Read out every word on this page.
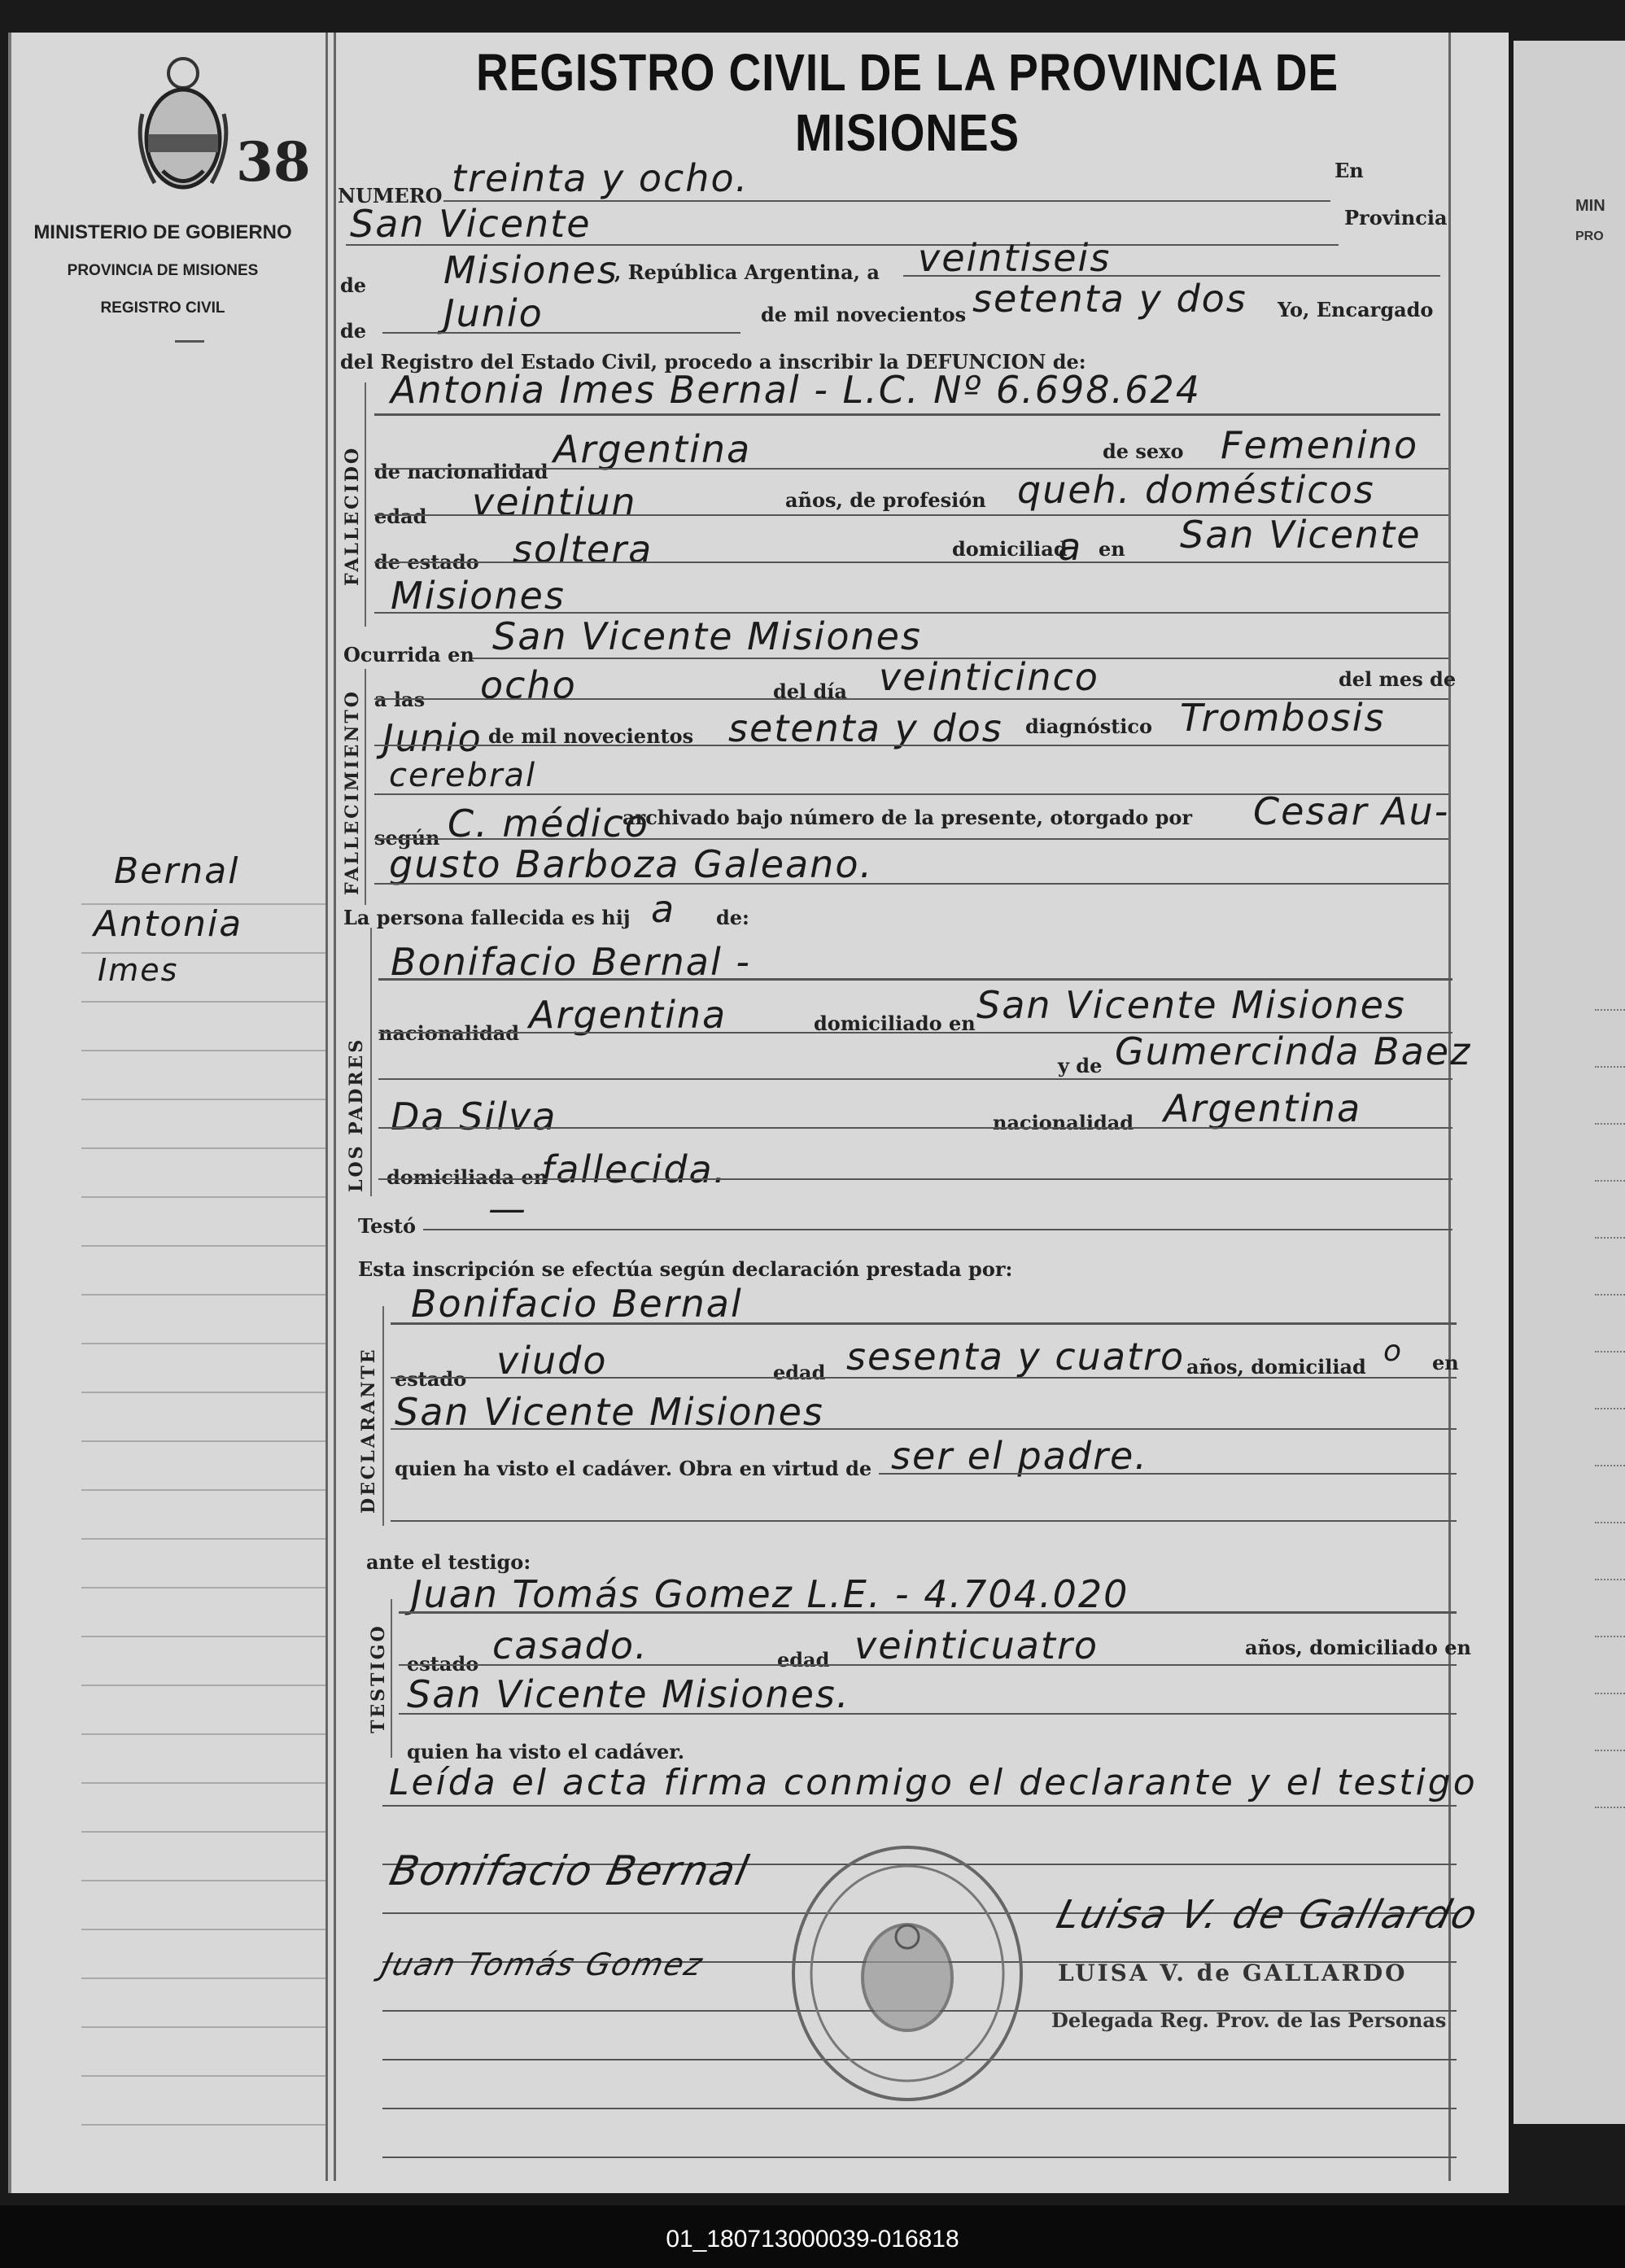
MIN
PRO
38
MINISTERIO DE GOBIERNO
PROVINCIA DE MISIONES
REGISTRO CIVIL
Bernal
Antonia
Imes
REGISTRO CIVIL DE LA PROVINCIA DE MISIONES
NUMERO treinta y ocho.	En
San Vicente	Provincia
de Misiones
, República Argentina, a veintiseis
de Junio	de mil novecientos setenta y dos Yo, Encargado
del Registro del Estado Civil, procedo a inscribir la DEFUNCION de:
FALLECIDO
Antonia Imes Bernal - L.C. Nº 6.698.624
de nacionalidad
Argentina	de sexo Femenino
edad veintiun	años, de profesión queh. domésticos
de estado soltera	domiciliad
a en San Vicente
Misiones
Ocurrida en San Vicente Misiones
FALLECIMIENTO a las ocho	del día veinticinco	del mes de
Junio de mil novecientos setenta y dos diagnóstico Trombosis
cerebral
según C. médico
archivado bajo número de la presente, otorgado por Cesar Au-
gusto Barboza Galeano.
La persona fallecida es hij a de:
LOS PADRES
Bonifacio Bernal -
nacionalidad Argentina	domiciliado en San Vicente Misiones
y de Gumercinda Baez
Da Silva	nacionalidad Argentina
domiciliada en
fallecida.
Testó —
Esta inscripción se efectúa según declaración prestada por:
DECLARANTE
Bonifacio Bernal
estado viudo	edad sesenta y cuatro años, domiciliad o en
San Vicente Misiones
quien ha visto el cadáver. Obra en virtud de ser el padre.
ante el testigo:
TESTIGO
Juan Tomás Gomez L.E. - 4.704.020
estado casado.	edad veinticuatro	años, domiciliado en
San Vicente Misiones.
quien ha visto el cadáver.
Leída el acta firma conmigo el declarante y el testigo
Bonifacio Bernal
Juan Tomás Gomez
Luisa V. de Gallardo
LUISA V. de GALLARDO
Delegada Reg. Prov. de las Personas
01_180713000039-016818
